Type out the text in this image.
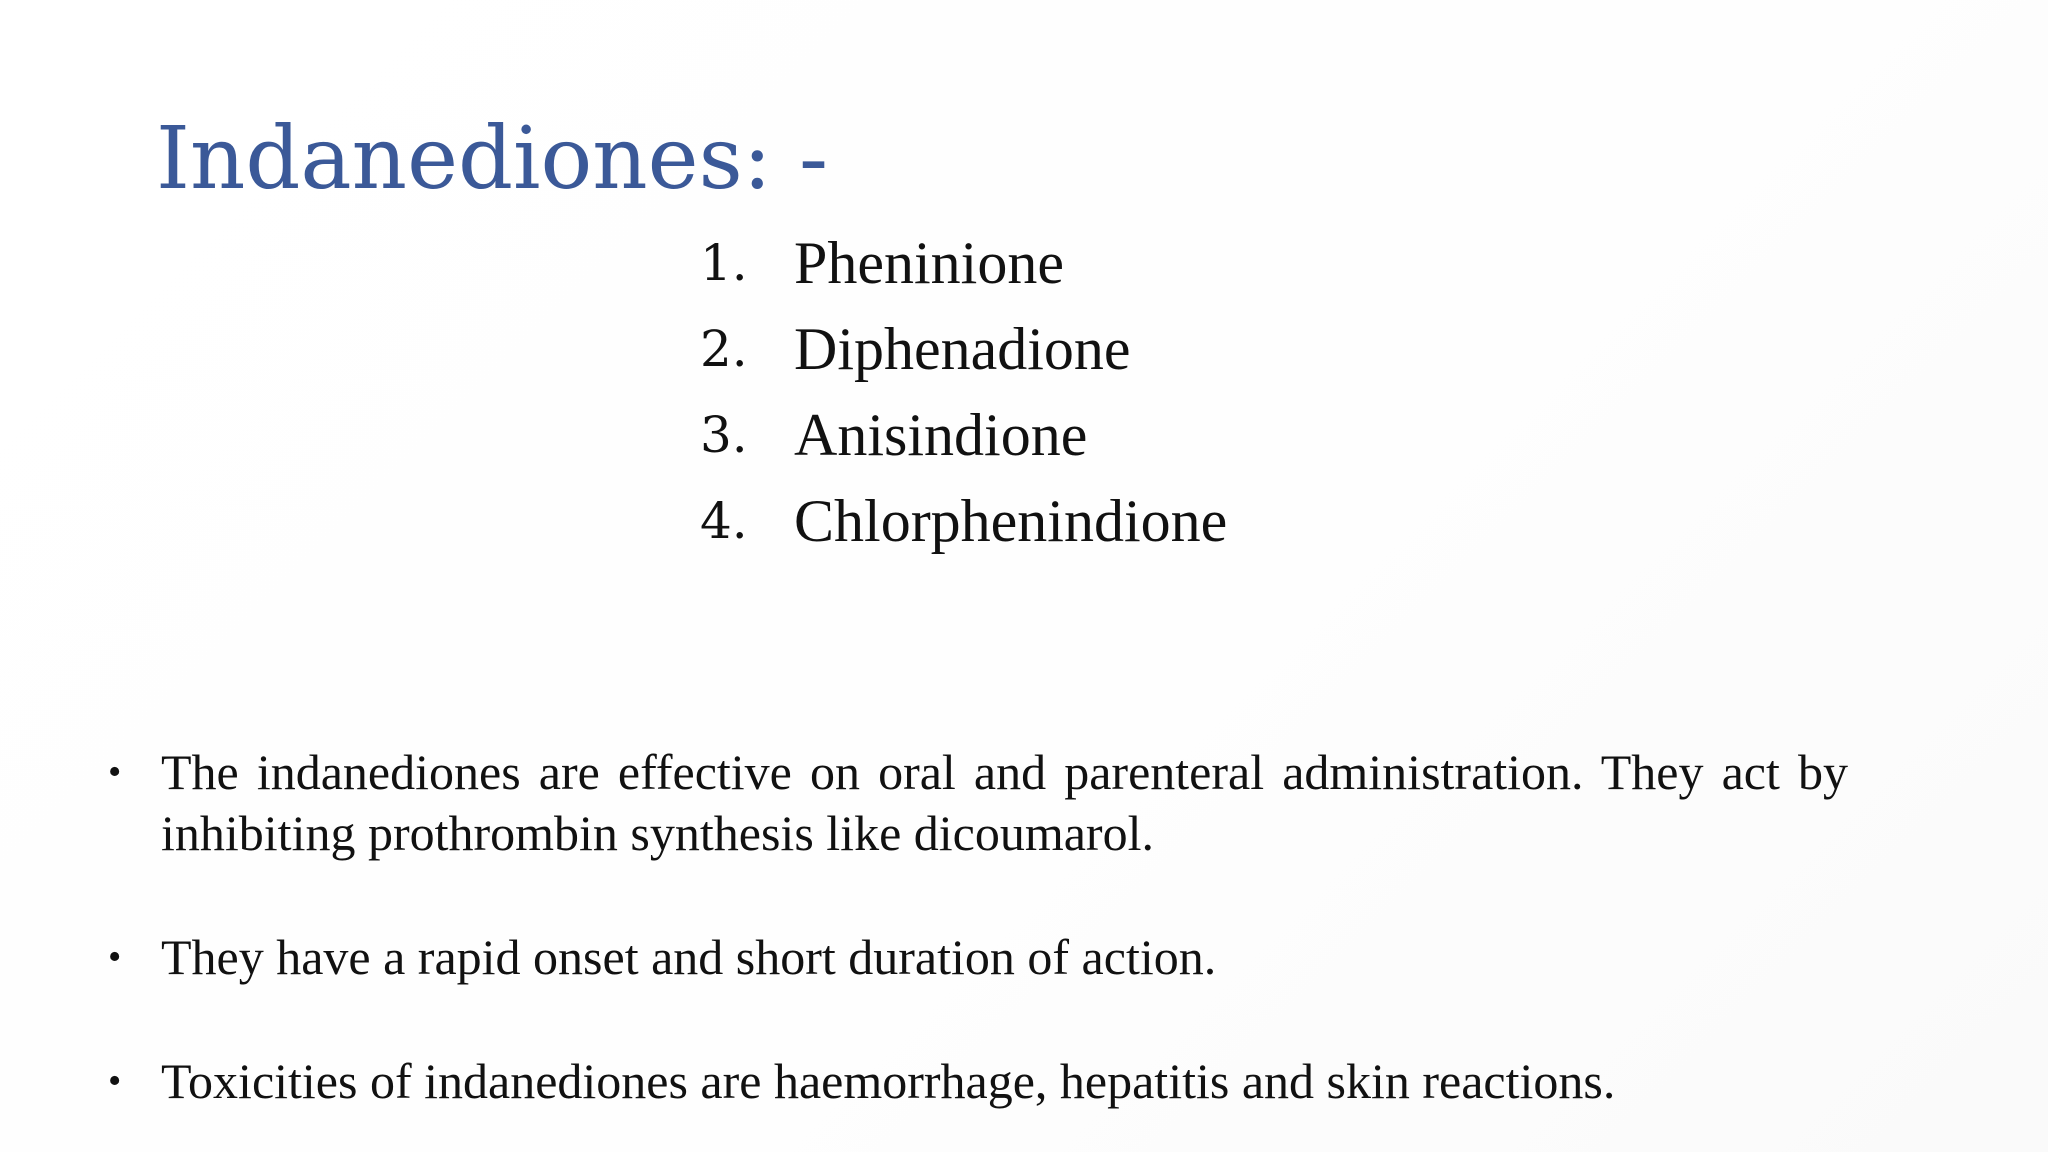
Indanediones: -
1. Pheninione
2. Diphenadione
3. Anisindione
4. Chlorphenindione
• The indanediones are effective on oral and parenteral administration. They act by inhibiting prothrombin synthesis like dicoumarol.
• They have a rapid onset and short duration of action.
• Toxicities of indanediones are haemorrhage, hepatitis and skin reactions.
